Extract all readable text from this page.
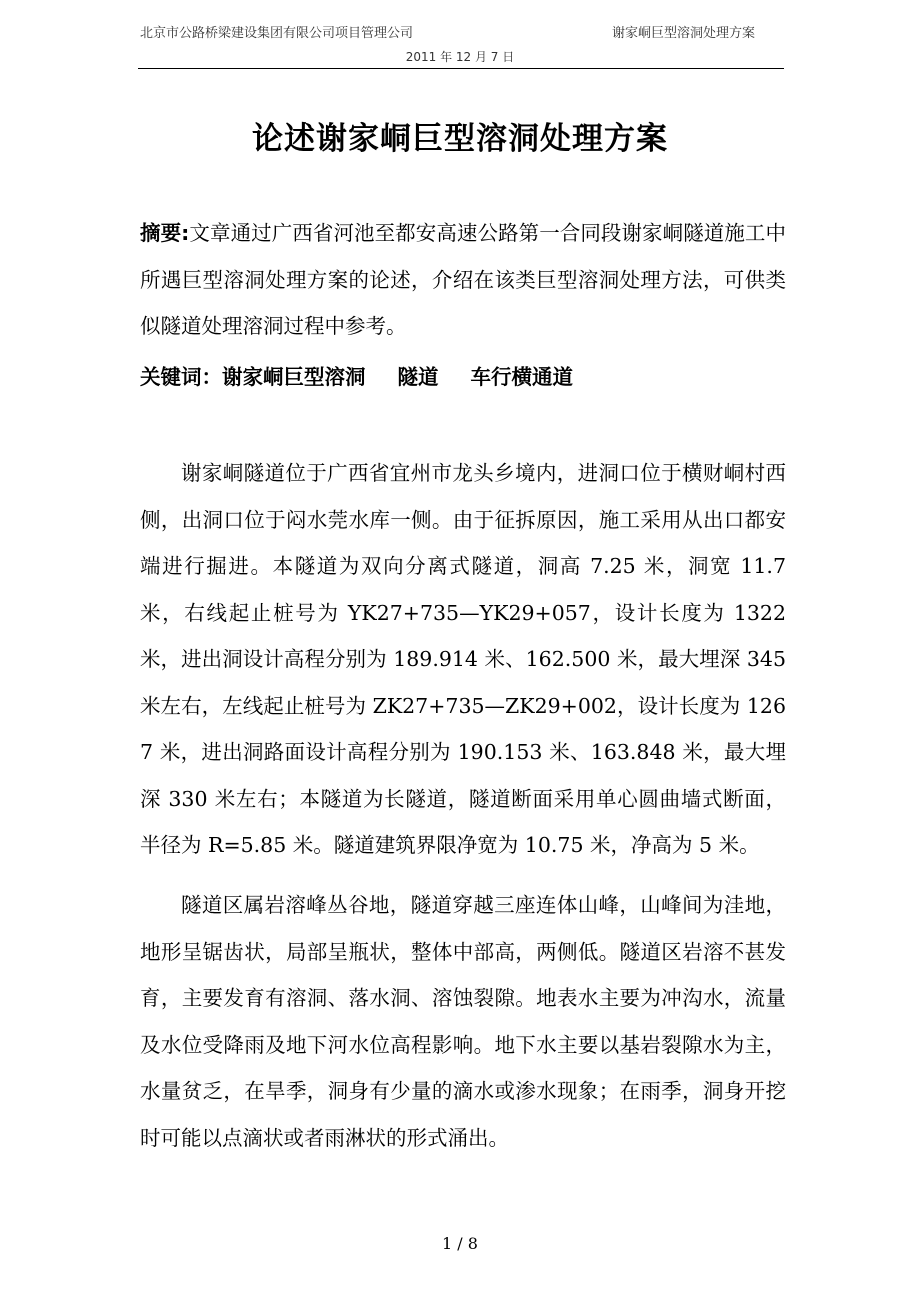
北京市公路桥梁建设集团有限公司项目管理公司	谢家峒巨型溶洞处理方案
2011 年 12 月 7 日
论述谢家峒巨型溶洞处理方案
摘要:文章通过广西省河池至都安高速公路第一合同段谢家峒隧道施工中所遇巨型溶洞处理方案的论述，介绍在该类巨型溶洞处理方法，可供类似隧道处理溶洞过程中参考。
关键词：谢家峒巨型溶洞 隧道 车行横通道
谢家峒隧道位于广西省宜州市龙头乡境内，进洞口位于横财峒村西侧，出洞口位于闷水莞水库一侧。由于征拆原因，施工采用从出口都安端进行掘进。本隧道为双向分离式隧道，洞高 7.25 米，洞宽 11.7 米，右线起止桩号为 YK27+735—YK29+057，设计长度为 1322 米，进出洞设计高程分别为 189.914 米、162.500 米，最大埋深 345 米左右，左线起止桩号为 ZK27+735—ZK29+002，设计长度为 1267 米，进出洞路面设计高程分别为 190.153 米、163.848 米，最大埋深 330 米左右；本隧道为长隧道，隧道断面采用单心圆曲墙式断面，半径为 R=5.85 米。隧道建筑界限净宽为 10.75 米，净高为 5 米。
隧道区属岩溶峰丛谷地，隧道穿越三座连体山峰，山峰间为洼地，地形呈锯齿状，局部呈瓶状，整体中部高，两侧低。隧道区岩溶不甚发育，主要发育有溶洞、落水洞、溶蚀裂隙。地表水主要为冲沟水，流量及水位受降雨及地下河水位高程影响。地下水主要以基岩裂隙水为主，水量贫乏，在旱季，洞身有少量的滴水或渗水现象；在雨季，洞身开挖时可能以点滴状或者雨淋状的形式涌出。
1 / 8
